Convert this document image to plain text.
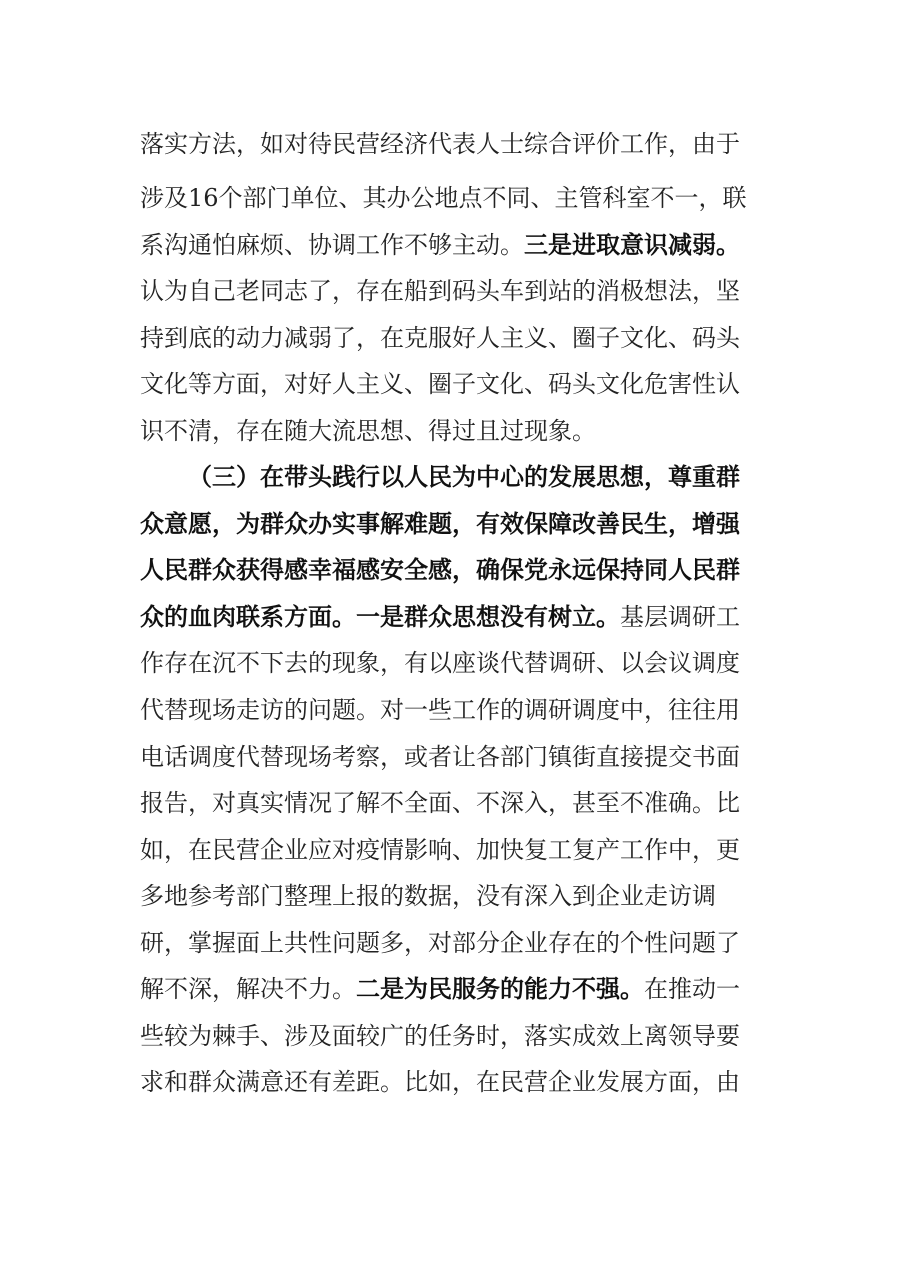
落实方法，如对待民营经济代表人士综合评价工作，由于
涉及16个部门单位、其办公地点不同、主管科室不一，联
系沟通怕麻烦、协调工作不够主动。三是进取意识减弱。
认为自己老同志了，存在船到码头车到站的消极想法，坚
持到底的动力减弱了，在克服好人主义、圈子文化、码头
文化等方面，对好人主义、圈子文化、码头文化危害性认
识不清，存在随大流思想、得过且过现象。
（三）在带头践行以人民为中心的发展思想，尊重群
众意愿，为群众办实事解难题，有效保障改善民生，增强
人民群众获得感幸福感安全感，确保党永远保持同人民群
众的血肉联系方面。一是群众思想没有树立。基层调研工
作存在沉不下去的现象，有以座谈代替调研、以会议调度
代替现场走访的问题。对一些工作的调研调度中，往往用
电话调度代替现场考察，或者让各部门镇街直接提交书面
报告，对真实情况了解不全面、不深入，甚至不准确。比
如，在民营企业应对疫情影响、加快复工复产工作中，更
多地参考部门整理上报的数据，没有深入到企业走访调
研，掌握面上共性问题多，对部分企业存在的个性问题了
解不深，解决不力。二是为民服务的能力不强。在推动一
些较为棘手、涉及面较广的任务时，落实成效上离领导要
求和群众满意还有差距。比如，在民营企业发展方面，由
